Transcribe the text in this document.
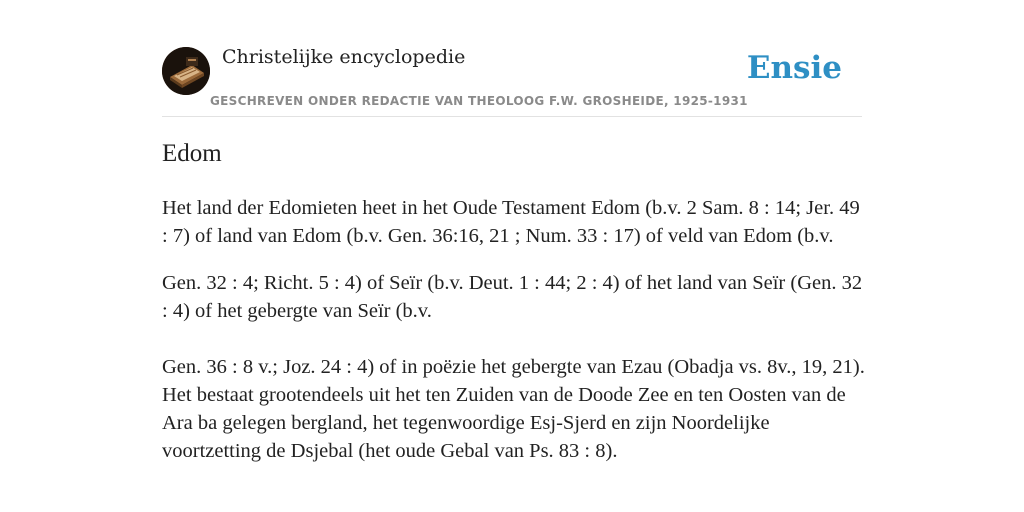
Christelijke encyclopedie
GESCHREVEN ONDER REDACTIE VAN THEOLOOG F.W. GROSHEIDE, 1925-1931
Ensie
Edom

Het land der Edomieten heet in het Oude Testament Edom (b.v. 2 Sam. 8 : 14; Jer. 49 : 7) of land van Edom (b.v. Gen. 36:16, 21 ; Num. 33 : 17) of veld van Edom (b.v.

Gen. 32 : 4; Richt. 5 : 4) of Seïr (b.v. Deut. 1 : 44; 2 : 4) of het land van Seïr (Gen. 32 : 4) of het gebergte van Seïr (b.v.

Gen. 36 : 8 v.; Joz. 24 : 4) of in poëzie het gebergte van Ezau (Obadja vs. 8v., 19, 21). Het bestaat grootendeels uit het ten Zuiden van de Doode Zee en ten Oosten van de Ara ba gelegen bergland, het tegenwoordige Esj-Sjerd en zijn Noordelijke voortzetting de Dsjebal (het oude Gebal van Ps. 83 : 8).
